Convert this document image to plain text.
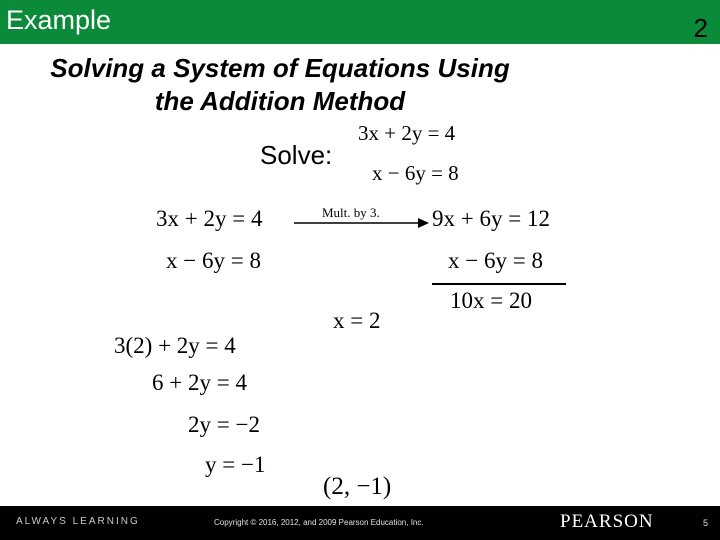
Example	2
Solving a System of Equations Using
the Addition Method
Solve:
3x + 2y = 4
x − 6y = 8
3x + 2y = 4
x − 6y = 8
Mult. by 3. 9x + 6y = 12
x − 6y = 8
10x = 20
x = 2
3(2) + 2y = 4
6 + 2y = 4
2y = −2
y = −1
(2, −1)
ALWAYS LEARNING	Copyright © 2016, 2012, and 2009 Pearson Education, Inc.	PEARSON	5
